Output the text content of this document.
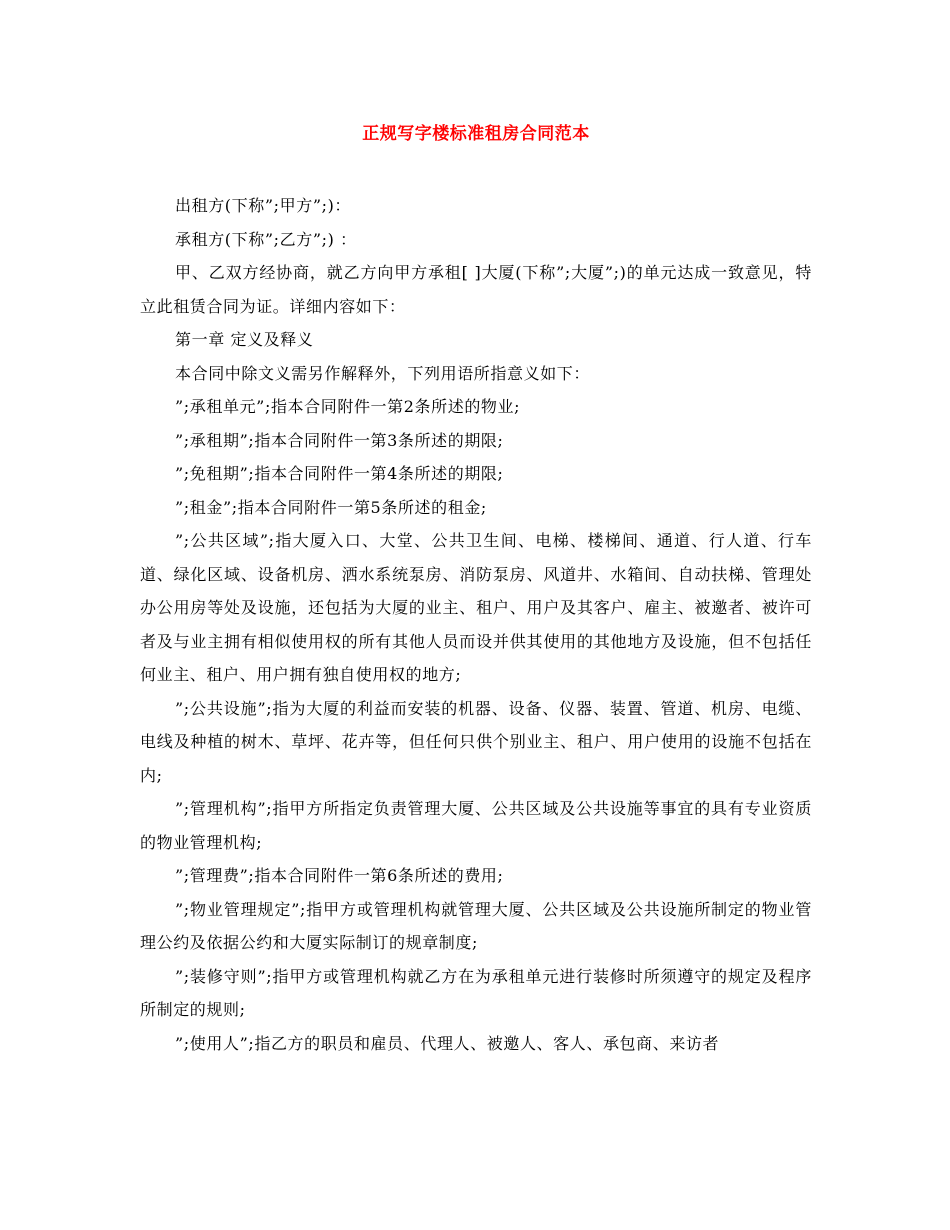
正规写字楼标准租房合同范本

出租方(下称”;甲方”;)：

承租方(下称”;乙方”;) ：

甲、乙双方经协商，就乙方向甲方承租[ ]大厦(下称”;大厦”;)的单元达成一致意见，特立此租赁合同为证。详细内容如下：

第一章 定义及释义

本合同中除文义需另作解释外，下列用语所指意义如下：

”;承租单元”;指本合同附件一第2条所述的物业;

”;承租期”;指本合同附件一第3条所述的期限;

”;免租期”;指本合同附件一第4条所述的期限;

”;租金”;指本合同附件一第5条所述的租金;

”;公共区域”;指大厦入口、大堂、公共卫生间、电梯、楼梯间、通道、行人道、行车道、绿化区域、设备机房、洒水系统泵房、消防泵房、风道井、水箱间、自动扶梯、管理处办公用房等处及设施，还包括为大厦的业主、租户、用户及其客户、雇主、被邀者、被许可者及与业主拥有相似使用权的所有其他人员而设并供其使用的其他地方及设施，但不包括任何业主、租户、用户拥有独自使用权的地方;

”;公共设施”;指为大厦的利益而安装的机器、设备、仪器、装置、管道、机房、电缆、电线及种植的树木、草坪、花卉等，但任何只供个别业主、租户、用户使用的设施不包括在内;

”;管理机构”;指甲方所指定负责管理大厦、公共区域及公共设施等事宜的具有专业资质的物业管理机构;

”;管理费”;指本合同附件一第6条所述的费用;

”;物业管理规定”;指甲方或管理机构就管理大厦、公共区域及公共设施所制定的物业管理公约及依据公约和大厦实际制订的规章制度;

”;装修守则”;指甲方或管理机构就乙方在为承租单元进行装修时所须遵守的规定及程序所制定的规则;

”;使用人”;指乙方的职员和雇员、代理人、被邀人、客人、承包商、来访者
